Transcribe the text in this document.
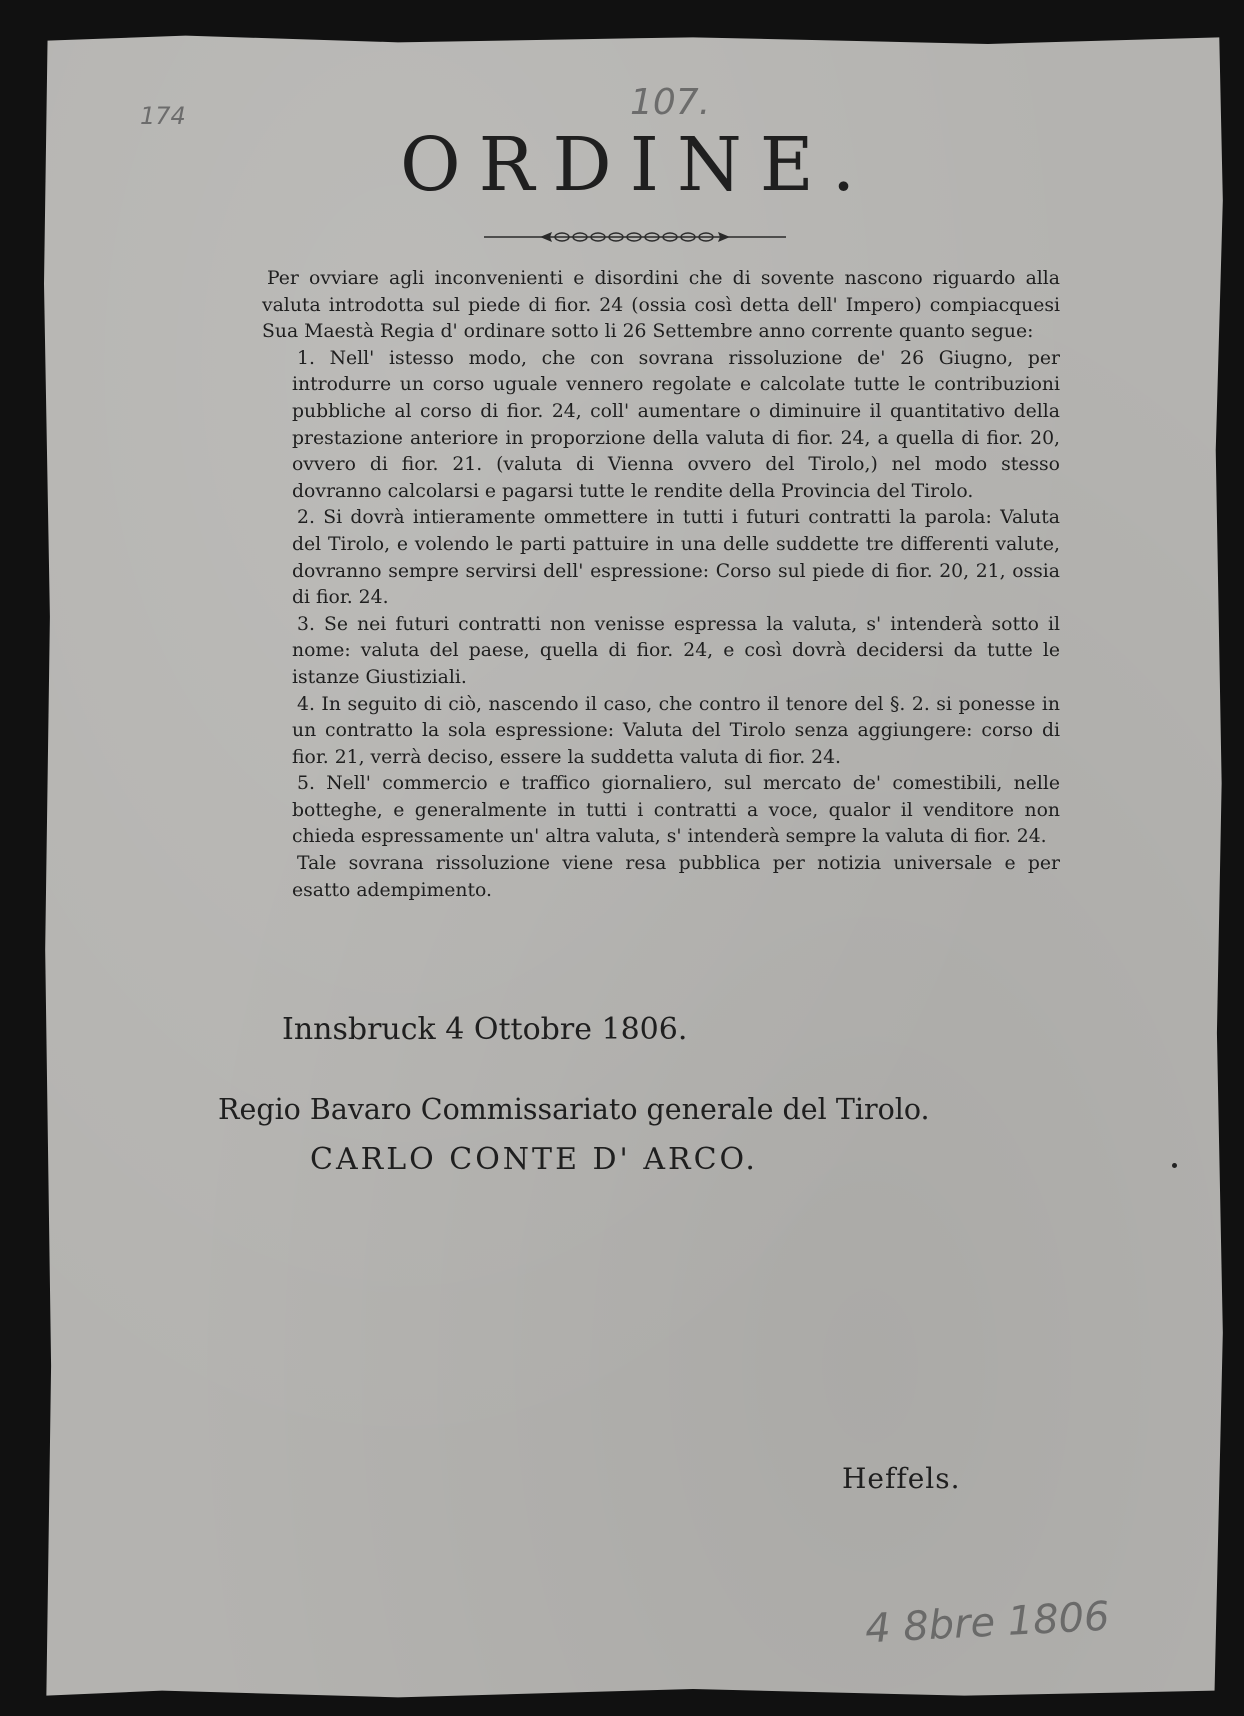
174	107.
4 8bre 1806
ORDINE.

Per ovviare agli inconvenienti e disordini che di sovente nascono riguardo alla valuta introdotta sul piede di fior. 24 (ossia così detta dell' Impero) compiacquesi Sua Maestà Regia d' ordinare sotto li 26 Settembre anno corrente quanto segue:

1. Nell' istesso modo, che con sovrana rissoluzione de' 26 Giugno, per introdurre un corso uguale vennero regolate e calcolate tutte le contribuzioni pubbliche al corso di fior. 24, coll' aumentare o diminuire il quantitativo della prestazione anteriore in proporzione della valuta di fior. 24, a quella di fior. 20, ovvero di fior. 21. (valuta di Vienna ovvero del Tirolo,) nel modo stesso dovranno calcolarsi e pagarsi tutte le rendite della Provincia del Tirolo.

2. Si dovrà intieramente ommettere in tutti i futuri contratti la parola: Valuta del Tirolo, e volendo le parti pattuire in una delle suddette tre differenti valute, dovranno sempre servirsi dell' espressione: Corso sul piede di fior. 20, 21, ossia di fior. 24.

3. Se nei futuri contratti non venisse espressa la valuta, s' intenderà sotto il nome: valuta del paese, quella di fior. 24, e così dovrà decidersi da tutte le istanze Giustiziali.

4. In seguito di ciò, nascendo il caso, che contro il tenore del §. 2. si ponesse in un contratto la sola espressione: Valuta del Tirolo senza aggiungere: corso di fior. 21, verrà deciso, essere la suddetta valuta di fior. 24.

5. Nell' commercio e traffico giornaliero, sul mercato de' comestibili, nelle botteghe, e generalmente in tutti i contratti a voce, qualor il venditore non chieda espressamente un' altra valuta, s' intenderà sempre la valuta di fior. 24.

Tale sovrana rissoluzione viene resa pubblica per notizia universale e per esatto adempimento.

Innsbruck 4 Ottobre 1806.
Regio Bavaro Commissariato generale del Tirolo.
CARLO CONTE D' ARCO.
Heffels.
